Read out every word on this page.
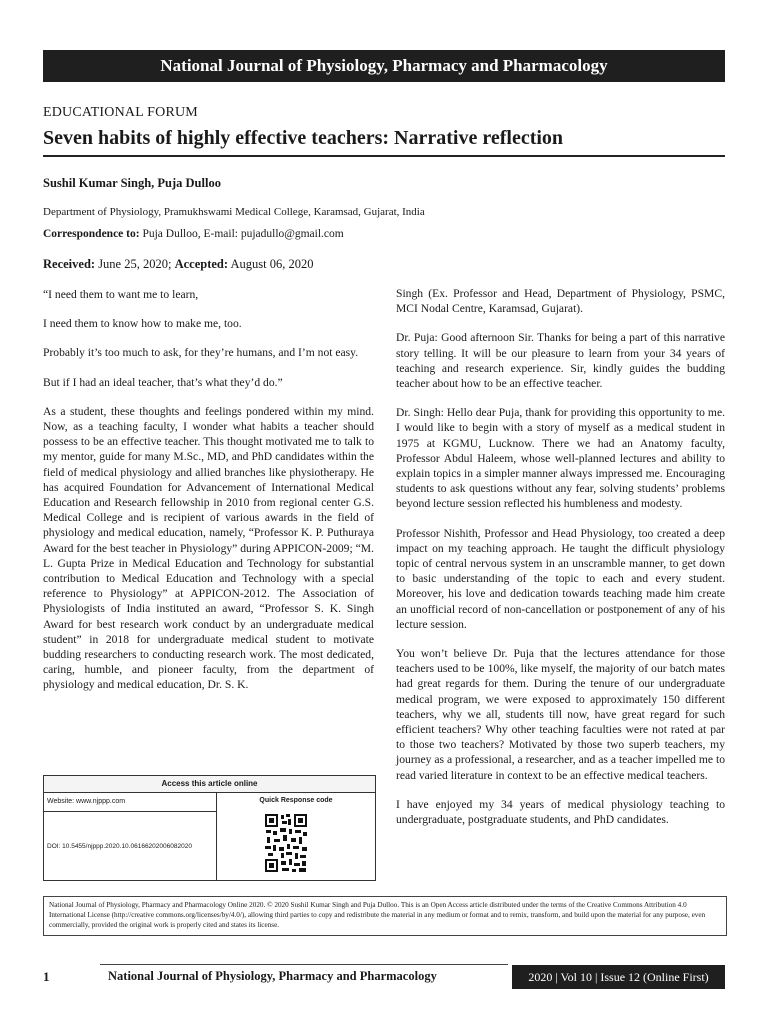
National Journal of Physiology, Pharmacy and Pharmacology
EDUCATIONAL FORUM
Seven habits of highly effective teachers: Narrative reflection
Sushil Kumar Singh, Puja Dulloo
Department of Physiology, Pramukhswami Medical College, Karamsad, Gujarat, India
Correspondence to: Puja Dulloo, E-mail: pujadullo@gmail.com
Received: June 25, 2020; Accepted: August 06, 2020

“I need them to want me to learn,

I need them to know how to make me, too.

Probably it’s too much to ask, for they’re humans, and I’m not easy.

But if I had an ideal teacher, that’s what they’d do.”

As a student, these thoughts and feelings pondered within my mind. Now, as a teaching faculty, I wonder what habits a teacher should possess to be an effective teacher. This thought motivated me to talk to my mentor, guide for many M.Sc., MD, and PhD candidates within the field of medical physiology and allied branches like physiotherapy. He has acquired Foundation for Advancement of International Medical Education and Research fellowship in 2010 from regional center G.S. Medical College and is recipient of various awards in the field of physiology and medical education, namely, “Professor K. P. Puthuraya Award for the best teacher in Physiology” during APPICON-2009; “M. L. Gupta Prize in Medical Education and Technology for substantial contribution to Medical Education and Technology with a special reference to Physiology” at APPICON-2012. The Association of Physiologists of India instituted an award, “Professor S. K. Singh Award for best research work conduct by an undergraduate medical student” in 2018 for undergraduate medical student to motivate budding researchers to conducting research work. The most dedicated, caring, humble, and pioneer faculty, from the department of physiology and medical education, Dr. S. K.

Singh (Ex. Professor and Head, Department of Physiology, PSMC, MCI Nodal Centre, Karamsad, Gujarat).

Dr. Puja: Good afternoon Sir. Thanks for being a part of this narrative story telling. It will be our pleasure to learn from your 34 years of teaching and research experience. Sir, kindly guides the budding teacher about how to be an effective teacher.

Dr. Singh: Hello dear Puja, thank for providing this opportunity to me. I would like to begin with a story of myself as a medical student in 1975 at KGMU, Lucknow. There we had an Anatomy faculty, Professor Abdul Haleem, whose well-planned lectures and ability to explain topics in a simpler manner always impressed me. Encouraging students to ask questions without any fear, solving students’ problems beyond lecture session reflected his humbleness and modesty.

Professor Nishith, Professor and Head Physiology, too created a deep impact on my teaching approach. He taught the difficult physiology topic of central nervous system in an unscramble manner, to get down to basic understanding of the topic to each and every student. Moreover, his love and dedication towards teaching made him create an unofficial record of non-cancellation or postponement of any of his lecture session.

You won’t believe Dr. Puja that the lectures attendance for those teachers used to be 100%, like myself, the majority of our batch mates had great regards for them. During the tenure of our undergraduate medical program, we were exposed to approximately 150 different teachers, why we all, students till now, have great regard for such efficient teachers? Why other teaching faculties were not rated at par to those two teachers? Motivated by those two superb teachers, my journey as a professional, a researcher, and as a teacher impelled me to read varied literature in context to be an effective medical teachers.

I have enjoyed my 34 years of medical physiology teaching to undergraduate, postgraduate students, and PhD candidates.

Access this article online
Website: www.njppp.com
DOI: 10.5455/njppp.2020.10.06166202006082020
Quick Response code
National Journal of Physiology, Pharmacy and Pharmacology Online 2020. © 2020 Sushil Kumar Singh and Puja Dulloo. This is an Open Access article distributed under the terms of the Creative Commons Attribution 4.0 International License (http://creative commons.org/licenses/by/4.0/), allowing third parties to copy and redistribute the material in any medium or format and to remix, transform, and build upon the material for any purpose, even commercially, provided the original work is properly cited and states its license.
1	National Journal of Physiology, Pharmacy and Pharmacology	2020 | Vol 10 | Issue 12 (Online First)
